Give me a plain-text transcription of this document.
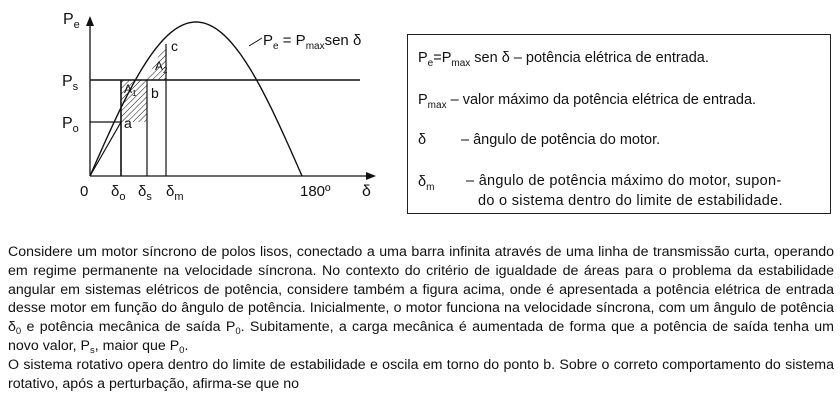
$P_e$
$P_s$
$P_o$
0 $\delta_o$ $\delta_s$ $\delta_m$	180º δ
a
b
c
$A_1$
$A_2$
$P_e = P_{max}sen$ δ
$P_e=P_{max}$ sen δ – potência elétrica de entrada.
$P_{max}$ – valor máximo da potência elétrica de entrada.
δ – ângulo de potência do motor.
$\delta_m$ – ângulo de potência máximo do motor, supon-
do o sistema dentro do limite de estabilidade.

Considere um motor síncrono de polos lisos, conectado a uma barra infinita através de uma linha de transmissão curta, operando em regime permanente na velocidade síncrona. No contexto do critério de igualdade de áreas para o problema da estabilidade angular em sistemas elétricos de potência, considere também a figura acima, onde é apresentada a potência elétrica de entrada desse motor em função do ângulo de potência. Inicialmente, o motor funciona na velocidade síncrona, com um ângulo de potência $\delta_0$ e potência mecânica de saída $P_0$. Subitamente, a carga mecânica é aumentada de forma que a potência de saída tenha um novo valor, $P_s$, maior que $P_0$.

O sistema rotativo opera dentro do limite de estabilidade e oscila em torno do ponto b. Sobre o correto comportamento do sistema rotativo, após a perturbação, afirma-se que no
